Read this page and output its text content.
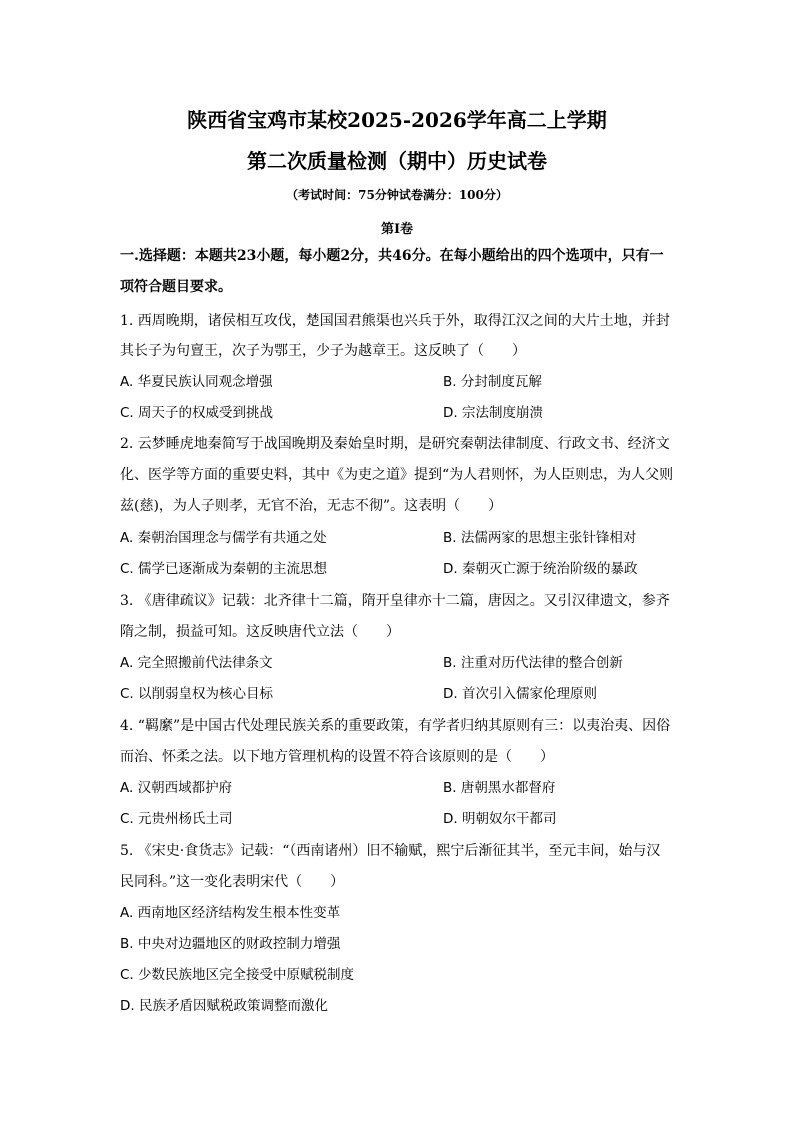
陕西省宝鸡市某校2025-2026学年高二上学期
第二次质量检测（期中）历史试卷
（考试时间：75分钟试卷满分：100分）
第Ⅰ卷
一.选择题：本题共23小题，每小题2分，共46分。在每小题给出的四个选项中，只有一
项符合题目要求。
1. 西周晚期，诸侯相互攻伐，楚国国君熊渠也兴兵于外，取得江汉之间的大片土地，并封
其长子为句亶王，次子为鄂王，少子为越章王。这反映了（　　）
A. 华夏民族认同观念增强	B. 分封制度瓦解
C. 周天子的权威受到挑战	D. 宗法制度崩溃
2. 云梦睡虎地秦简写于战国晚期及秦始皇时期，是研究秦朝法律制度、行政文书、经济文
化、医学等方面的重要史料，其中《为吏之道》提到“为人君则怀，为人臣则忠，为人父则
兹(慈)，为人子则孝，无官不治，无志不彻”。这表明（　　）
A. 秦朝治国理念与儒学有共通之处	B. 法儒两家的思想主张针锋相对
C. 儒学已逐渐成为秦朝的主流思想	D. 秦朝灭亡源于统治阶级的暴政
3. 《唐律疏议》记载：北齐律十二篇，隋开皇律亦十二篇，唐因之。又引汉律遗文，参齐
隋之制，损益可知。这反映唐代立法（　　）
A. 完全照搬前代法律条文	B. 注重对历代法律的整合创新
C. 以削弱皇权为核心目标	D. 首次引入儒家伦理原则
4. “羁縻”是中国古代处理民族关系的重要政策，有学者归纳其原则有三：以夷治夷、因俗
而治、怀柔之法。以下地方管理机构的设置不符合该原则的是（　　）
A. 汉朝西域都护府	B. 唐朝黑水都督府
C. 元贵州杨氏土司	D. 明朝奴尔干都司
5. 《宋史·食货志》记载：“（西南诸州）旧不输赋，熙宁后渐征其半，至元丰间，始与汉
民同科。”这一变化表明宋代（　　）
A. 西南地区经济结构发生根本性变革
B. 中央对边疆地区的财政控制力增强
C. 少数民族地区完全接受中原赋税制度
D. 民族矛盾因赋税政策调整而激化
